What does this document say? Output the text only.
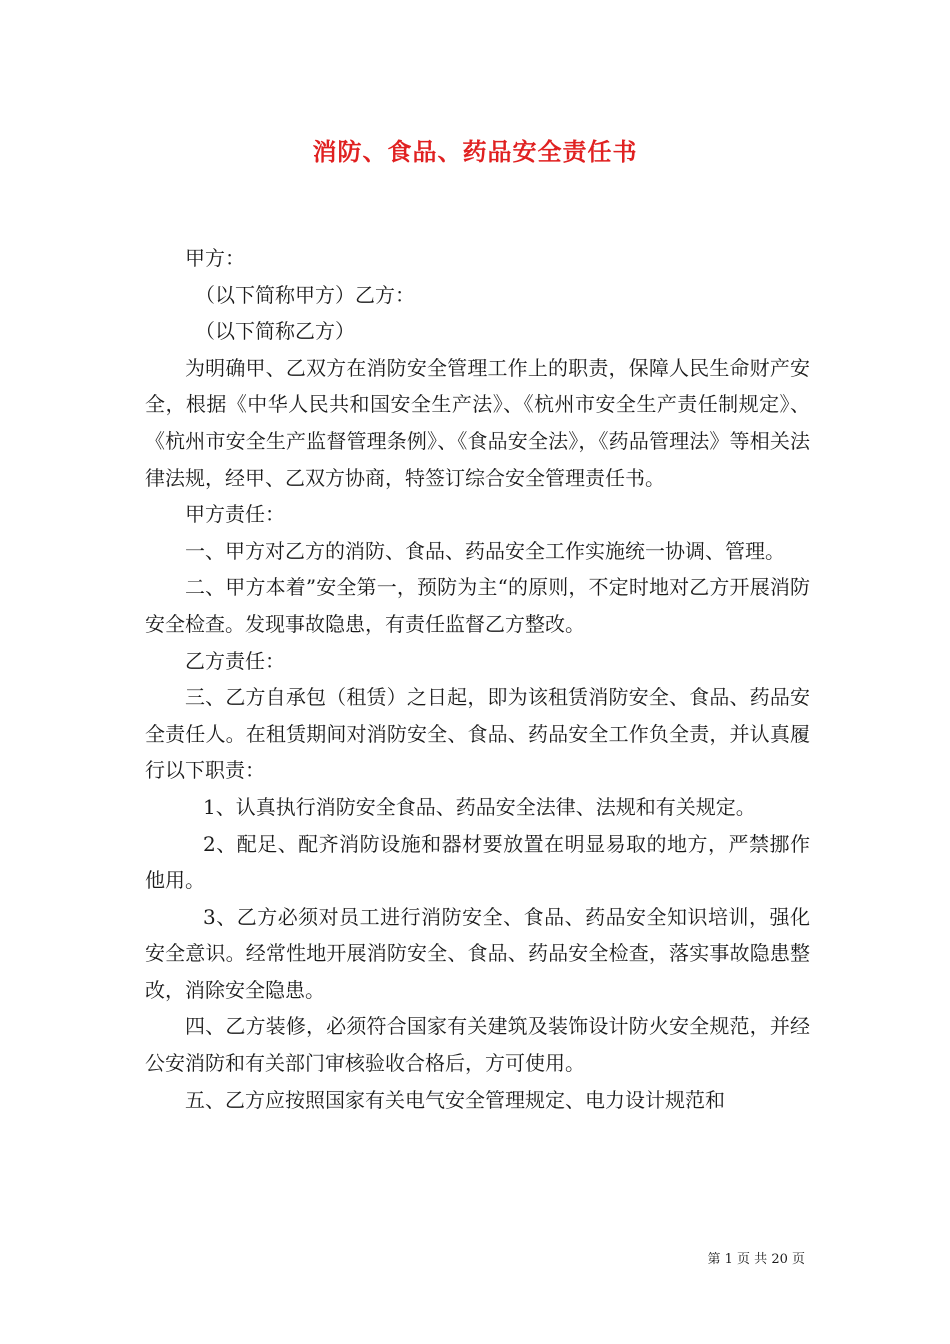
消防、食品、药品安全责任书

甲方：

（以下简称甲方）乙方：

（以下简称乙方）

为明确甲、乙双方在消防安全管理工作上的职责，保障人民生命财产安全，根据《中华人民共和国安全生产法》、《杭州市安全生产责任制规定》、《杭州市安全生产监督管理条例》、《食品安全法》，《药品管理法》等相关法律法规，经甲、乙双方协商，特签订综合安全管理责任书。

甲方责任：

一、甲方对乙方的消防、食品、药品安全工作实施统一协调、管理。

二、甲方本着”安全第一，预防为主“的原则，不定时地对乙方开展消防安全检查。发现事故隐患，有责任监督乙方整改。

乙方责任：

三、乙方自承包（租赁）之日起，即为该租赁消防安全、食品、药品安全责任人。在租赁期间对消防安全、食品、药品安全工作负全责，并认真履行以下职责：

1、认真执行消防安全食品、药品安全法律、法规和有关规定。

2、配足、配齐消防设施和器材要放置在明显易取的地方，严禁挪作他用。

3、乙方必须对员工进行消防安全、食品、药品安全知识培训，强化安全意识。经常性地开展消防安全、食品、药品安全检查，落实事故隐患整改，消除安全隐患。

四、乙方装修，必须符合国家有关建筑及装饰设计防火安全规范，并经公安消防和有关部门审核验收合格后，方可使用。

五、乙方应按照国家有关电气安全管理规定、电力设计规范和

第 1 页 共 20 页
